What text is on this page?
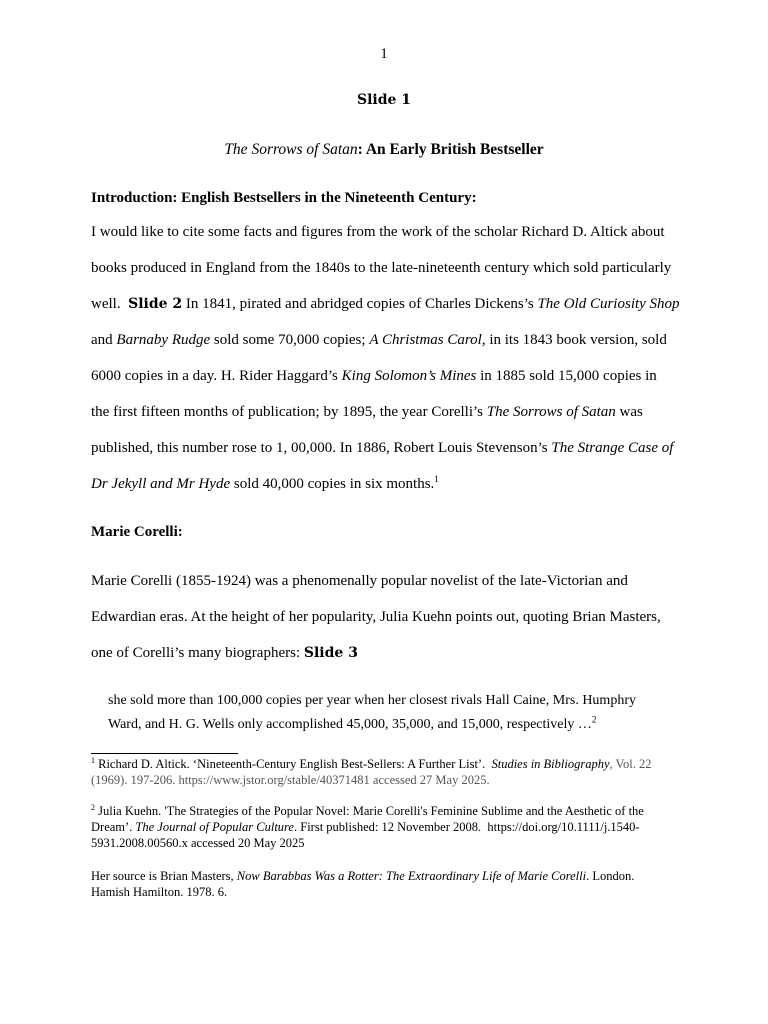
1
Slide 1
The Sorrows of Satan: An Early British Bestseller
Introduction: English Bestsellers in the Nineteenth Century:

I would like to cite some facts and figures from the work of the scholar Richard D. Altick about

books produced in England from the 1840s to the late-nineteenth century which sold particularly

well.  Slide 2 In 1841, pirated and abridged copies of Charles Dickens’s The Old Curiosity Shop

and Barnaby Rudge sold some 70,000 copies; A Christmas Carol, in its 1843 book version, sold

6000 copies in a day. H. Rider Haggard’s King Solomon’s Mines in 1885 sold 15,000 copies in

the first fifteen months of publication; by 1895, the year Corelli’s The Sorrows of Satan was

published, this number rose to 1, 00,000. In 1886, Robert Louis Stevenson’s The Strange Case of

Dr Jekyll and Mr Hyde sold 40,000 copies in six months.$^1$

Marie Corelli:

Marie Corelli (1855-1924) was a phenomenally popular novelist of the late-Victorian and

Edwardian eras. At the height of her popularity, Julia Kuehn points out, quoting Brian Masters,

one of Corelli’s many biographers: Slide 3

she sold more than 100,000 copies per year when her closest rivals Hall Caine, Mrs. Humphry

Ward, and H. G. Wells only accomplished 45,000, 35,000, and 15,000, respectively …$^2$

$^1$ Richard D. Altick. ‘Nineteenth-Century English Best-Sellers: A Further List’.  Studies in Bibliography, Vol. 22

(1969). 197-206. https://www.jstor.org/stable/40371481 accessed 27 May 2025.

$^2$ Julia Kuehn. 'The Strategies of the Popular Novel: Marie Corelli's Feminine Sublime and the Aesthetic of the

Dream’. The Journal of Popular Culture. First published: 12 November 2008.  https://doi.org/10.1111/j.1540-

5931.2008.00560.x accessed 20 May 2025

Her source is Brian Masters, Now Barabbas Was a Rotter: The Extraordinary Life of Marie Corelli. London.

Hamish Hamilton. 1978. 6.
